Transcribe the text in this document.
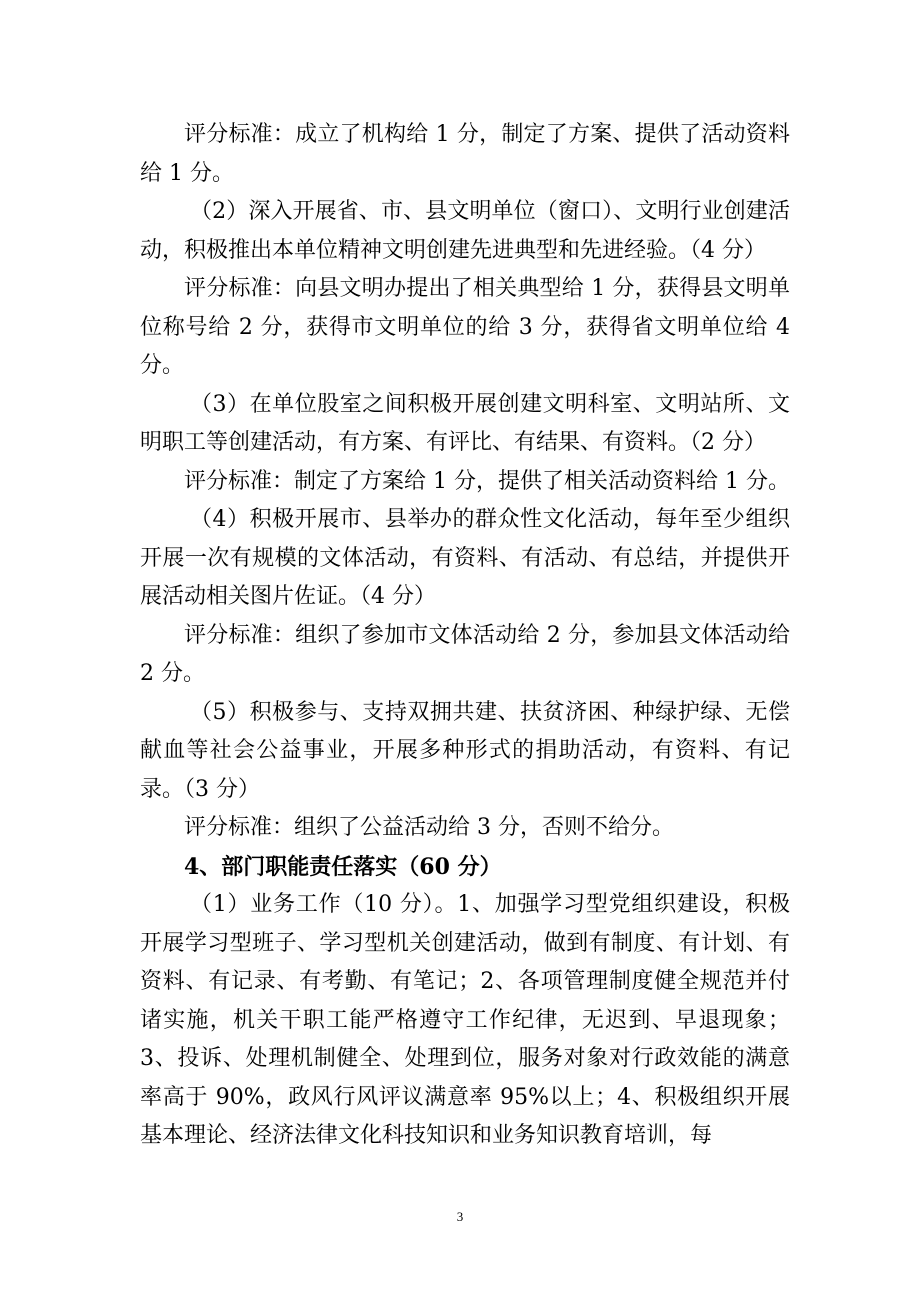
评分标准：成立了机构给 1 分，制定了方案、提供了活动资料给 1 分。

（2）深入开展省、市、县文明单位（窗口）、文明行业创建活动，积极推出本单位精神文明创建先进典型和先进经验。（4 分）

评分标准：向县文明办提出了相关典型给 1 分，获得县文明单位称号给 2 分，获得市文明单位的给 3 分，获得省文明单位给 4 分。

（3）在单位股室之间积极开展创建文明科室、文明站所、文明职工等创建活动，有方案、有评比、有结果、有资料。（2 分）

评分标准：制定了方案给 1 分，提供了相关活动资料给 1 分。

（4）积极开展市、县举办的群众性文化活动，每年至少组织开展一次有规模的文体活动，有资料、有活动、有总结，并提供开展活动相关图片佐证。（4 分）

评分标准：组织了参加市文体活动给 2 分，参加县文体活动给 2 分。

（5）积极参与、支持双拥共建、扶贫济困、种绿护绿、无偿献血等社会公益事业，开展多种形式的捐助活动，有资料、有记录。（3 分）

评分标准：组织了公益活动给 3 分，否则不给分。

4、部门职能责任落实（60 分）

（1）业务工作（10 分）。1、加强学习型党组织建设，积极开展学习型班子、学习型机关创建活动，做到有制度、有计划、有资料、有记录、有考勤、有笔记；2、各项管理制度健全规范并付诸实施，机关干职工能严格遵守工作纪律，无迟到、早退现象；3、投诉、处理机制健全、处理到位，服务对象对行政效能的满意率高于 90%，政风行风评议满意率 95%以上；4、积极组织开展基本理论、经济法律文化科技知识和业务知识教育培训，每

3
